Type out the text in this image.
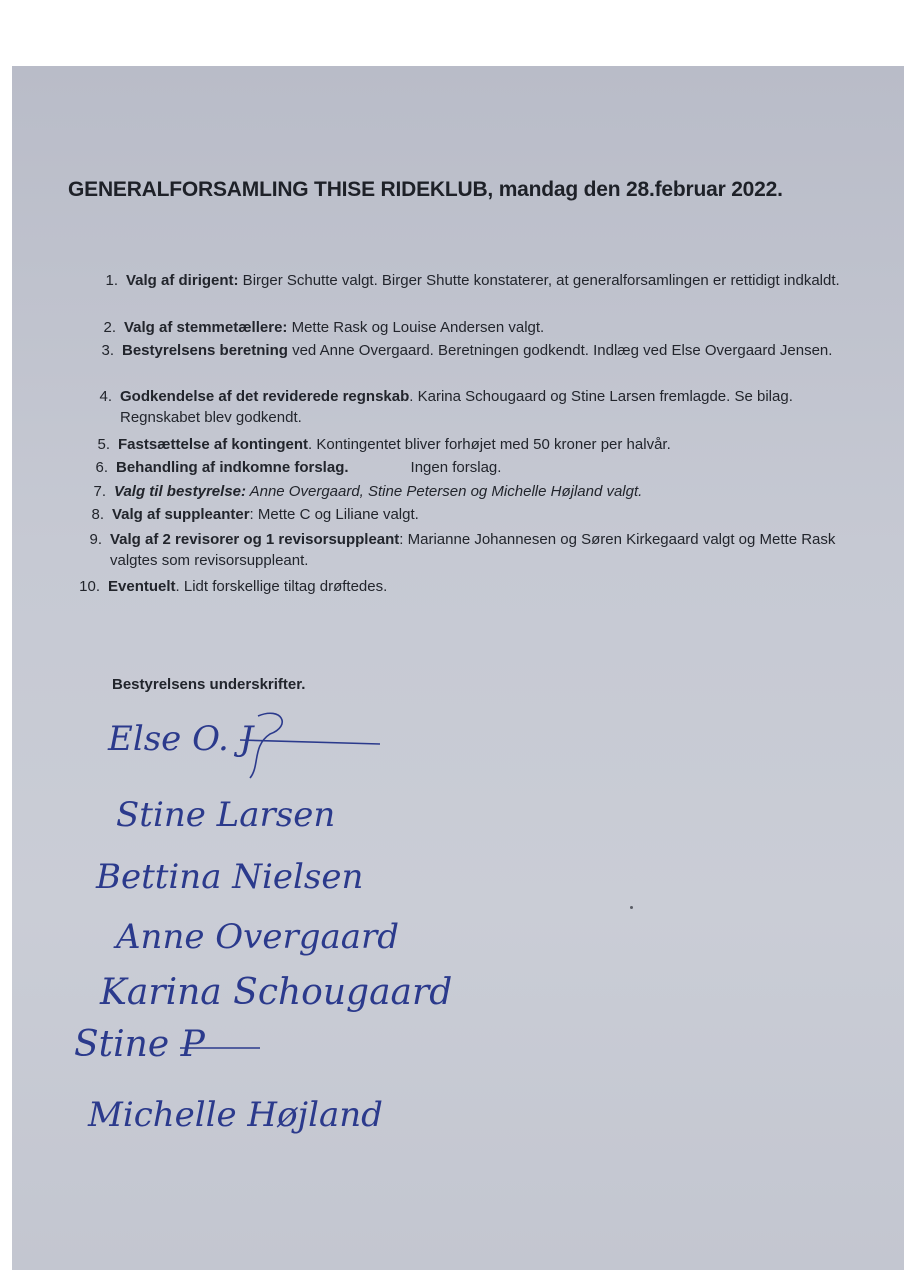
GENERALFORSAMLING THISE RIDEKLUB, mandag den 28.februar 2022.
1. Valg af dirigent: Birger Schutte valgt. Birger Shutte konstaterer, at generalforsamlingen er rettidigt indkaldt.
2. Valg af stemmetællere: Mette Rask og Louise Andersen valgt.
3. Bestyrelsens beretning ved Anne Overgaard. Beretningen godkendt. Indlæg ved Else Overgaard Jensen.
4. Godkendelse af det reviderede regnskab. Karina Schougaard og Stine Larsen fremlagde. Se bilag. Regnskabet blev godkendt.
5. Fastsættelse af kontingent. Kontingentet bliver forhøjet med 50 kroner per halvår.
6. Behandling af indkomne forslag.	Ingen forslag.
7. Valg til bestyrelse: Anne Overgaard, Stine Petersen og Michelle Højland valgt.
8. Valg af suppleanter: Mette C og Liliane valgt.
9. Valg af 2 revisorer og 1 revisorsuppleant: Marianne Johannesen og Søren Kirkegaard valgt og Mette Rask valgtes som revisorsuppleant.
10. Eventuelt. Lidt forskellige tiltag drøftedes.
Bestyrelsens underskrifter.
Else O. J
Stine Larsen
Bettina Nielsen
Anne Overgaard
Karina Schougaard
Stine P
Michelle Højland
